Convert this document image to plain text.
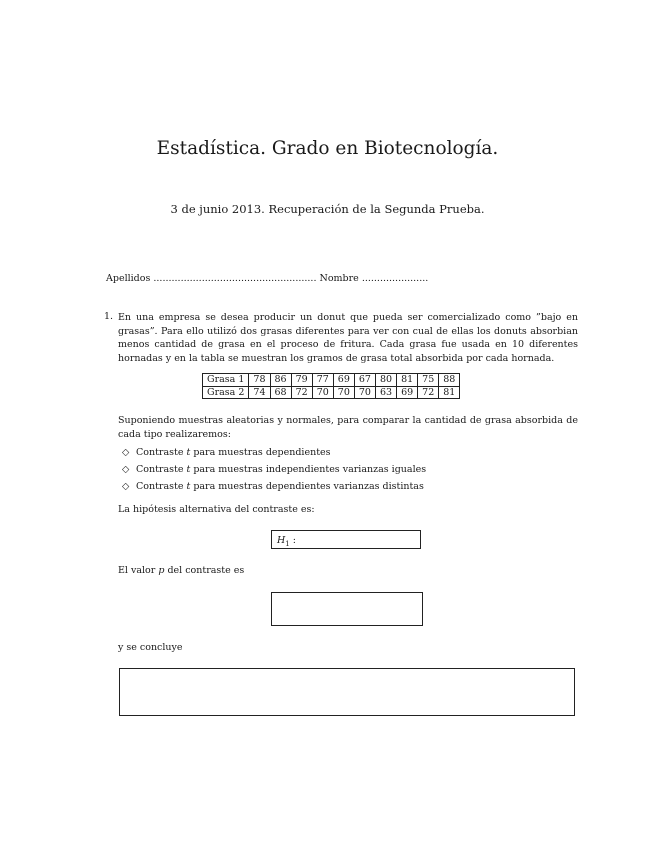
Estadística. Grado en Biotecnología.
3 de junio 2013. Recuperación de la Segunda Prueba.
Apellidos ...................................................... Nombre ......................
1. En una empresa se desea producir un donut que pueda ser comercializado como ”bajo en grasas”. Para ello utilizó dos grasas diferentes para ver con cual de ellas los donuts absorbian menos cantidad de grasa en el proceso de fritura. Cada grasa fue usada en 10 diferentes hornadas y en la tabla se muestran los gramos de grasa total absorbida por cada hornada.
Grasa 1	78	86	79	77	69	67	80	81	75	88
Grasa 2	74	68	72	70	70	70	63	69	72	81
Suponiendo muestras aleatorias y normales, para comparar la cantidad de grasa absorbida de cada tipo realizaremos:
◇ Contraste t para muestras dependientes
◇ Contraste t para muestras independientes varianzas iguales
◇ Contraste t para muestras dependientes varianzas distintas
La hipótesis alternativa del contraste es:
$H_1$ :
El valor p del contraste es
y se concluye
